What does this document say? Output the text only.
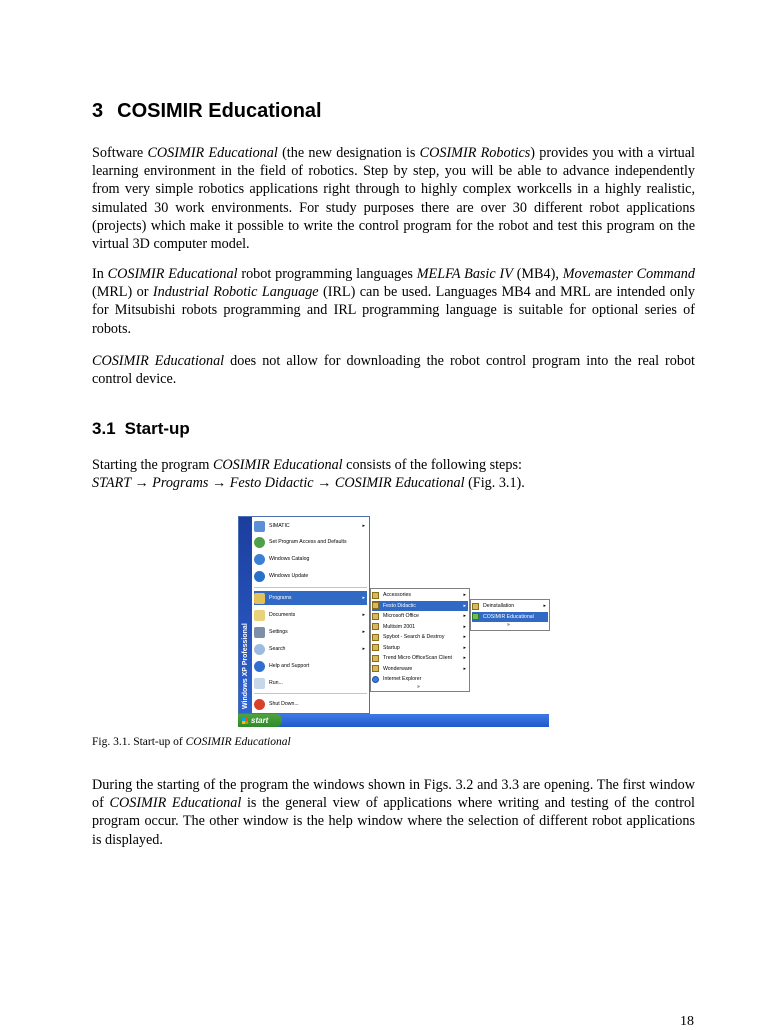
3 COSIMIR Educational

Software COSIMIR Educational (the new designation is COSIMIR Robotics) provides you with a virtual learning environment in the field of robotics. Step by step, you will be able to advance independently from very simple robotics applications right through to highly complex workcells in a highly realistic, simulated 30 work environments. For study purposes there are over 30 different robot applications (projects) which make it possible to write the control program for the robot and test this program on the virtual 3D computer model.

In COSIMIR Educational robot programming languages MELFA Basic IV (MB4), Movemaster Command (MRL) or Industrial Robotic Language (IRL) can be used. Languages MB4 and MRL are intended only for Mitsubishi robots programming and IRL programming language is suitable for optional series of robots.

COSIMIR Educational does not allow for downloading the robot control program into the real robot control device.

3.1 Start-up

Starting the program COSIMIR Educational consists of the following steps:
START → Programs → Festo Didactic → COSIMIR Educational (Fig. 3.1).

Windows XP Professional
SIMATIC	▸
Set Program Access and Defaults
Windows Catalog
Windows Update
Programs	▸
Documents	▸
Settings	▸
Search	▸
Help and Support
Run...
Shut Down...
Accessories	▸
Festo Didactic	▸
Microsoft Office	▸
Multisim 2001	▸
Spybot - Search & Destroy	▸
Startup	▸
Trend Micro OfficeScan Client ▸
Wonderware	▸
Internet Explorer
»
Deinstallation	▸
COSIMIR Educational
»
start

Fig. 3.1. Start-up of COSIMIR Educational

During the starting of the program the windows shown in Figs. 3.2 and 3.3 are opening. The first window of COSIMIR Educational is the general view of applications where writing and testing of the control program occur. The other window is the help window where the selection of different robot applications is displayed.

18
